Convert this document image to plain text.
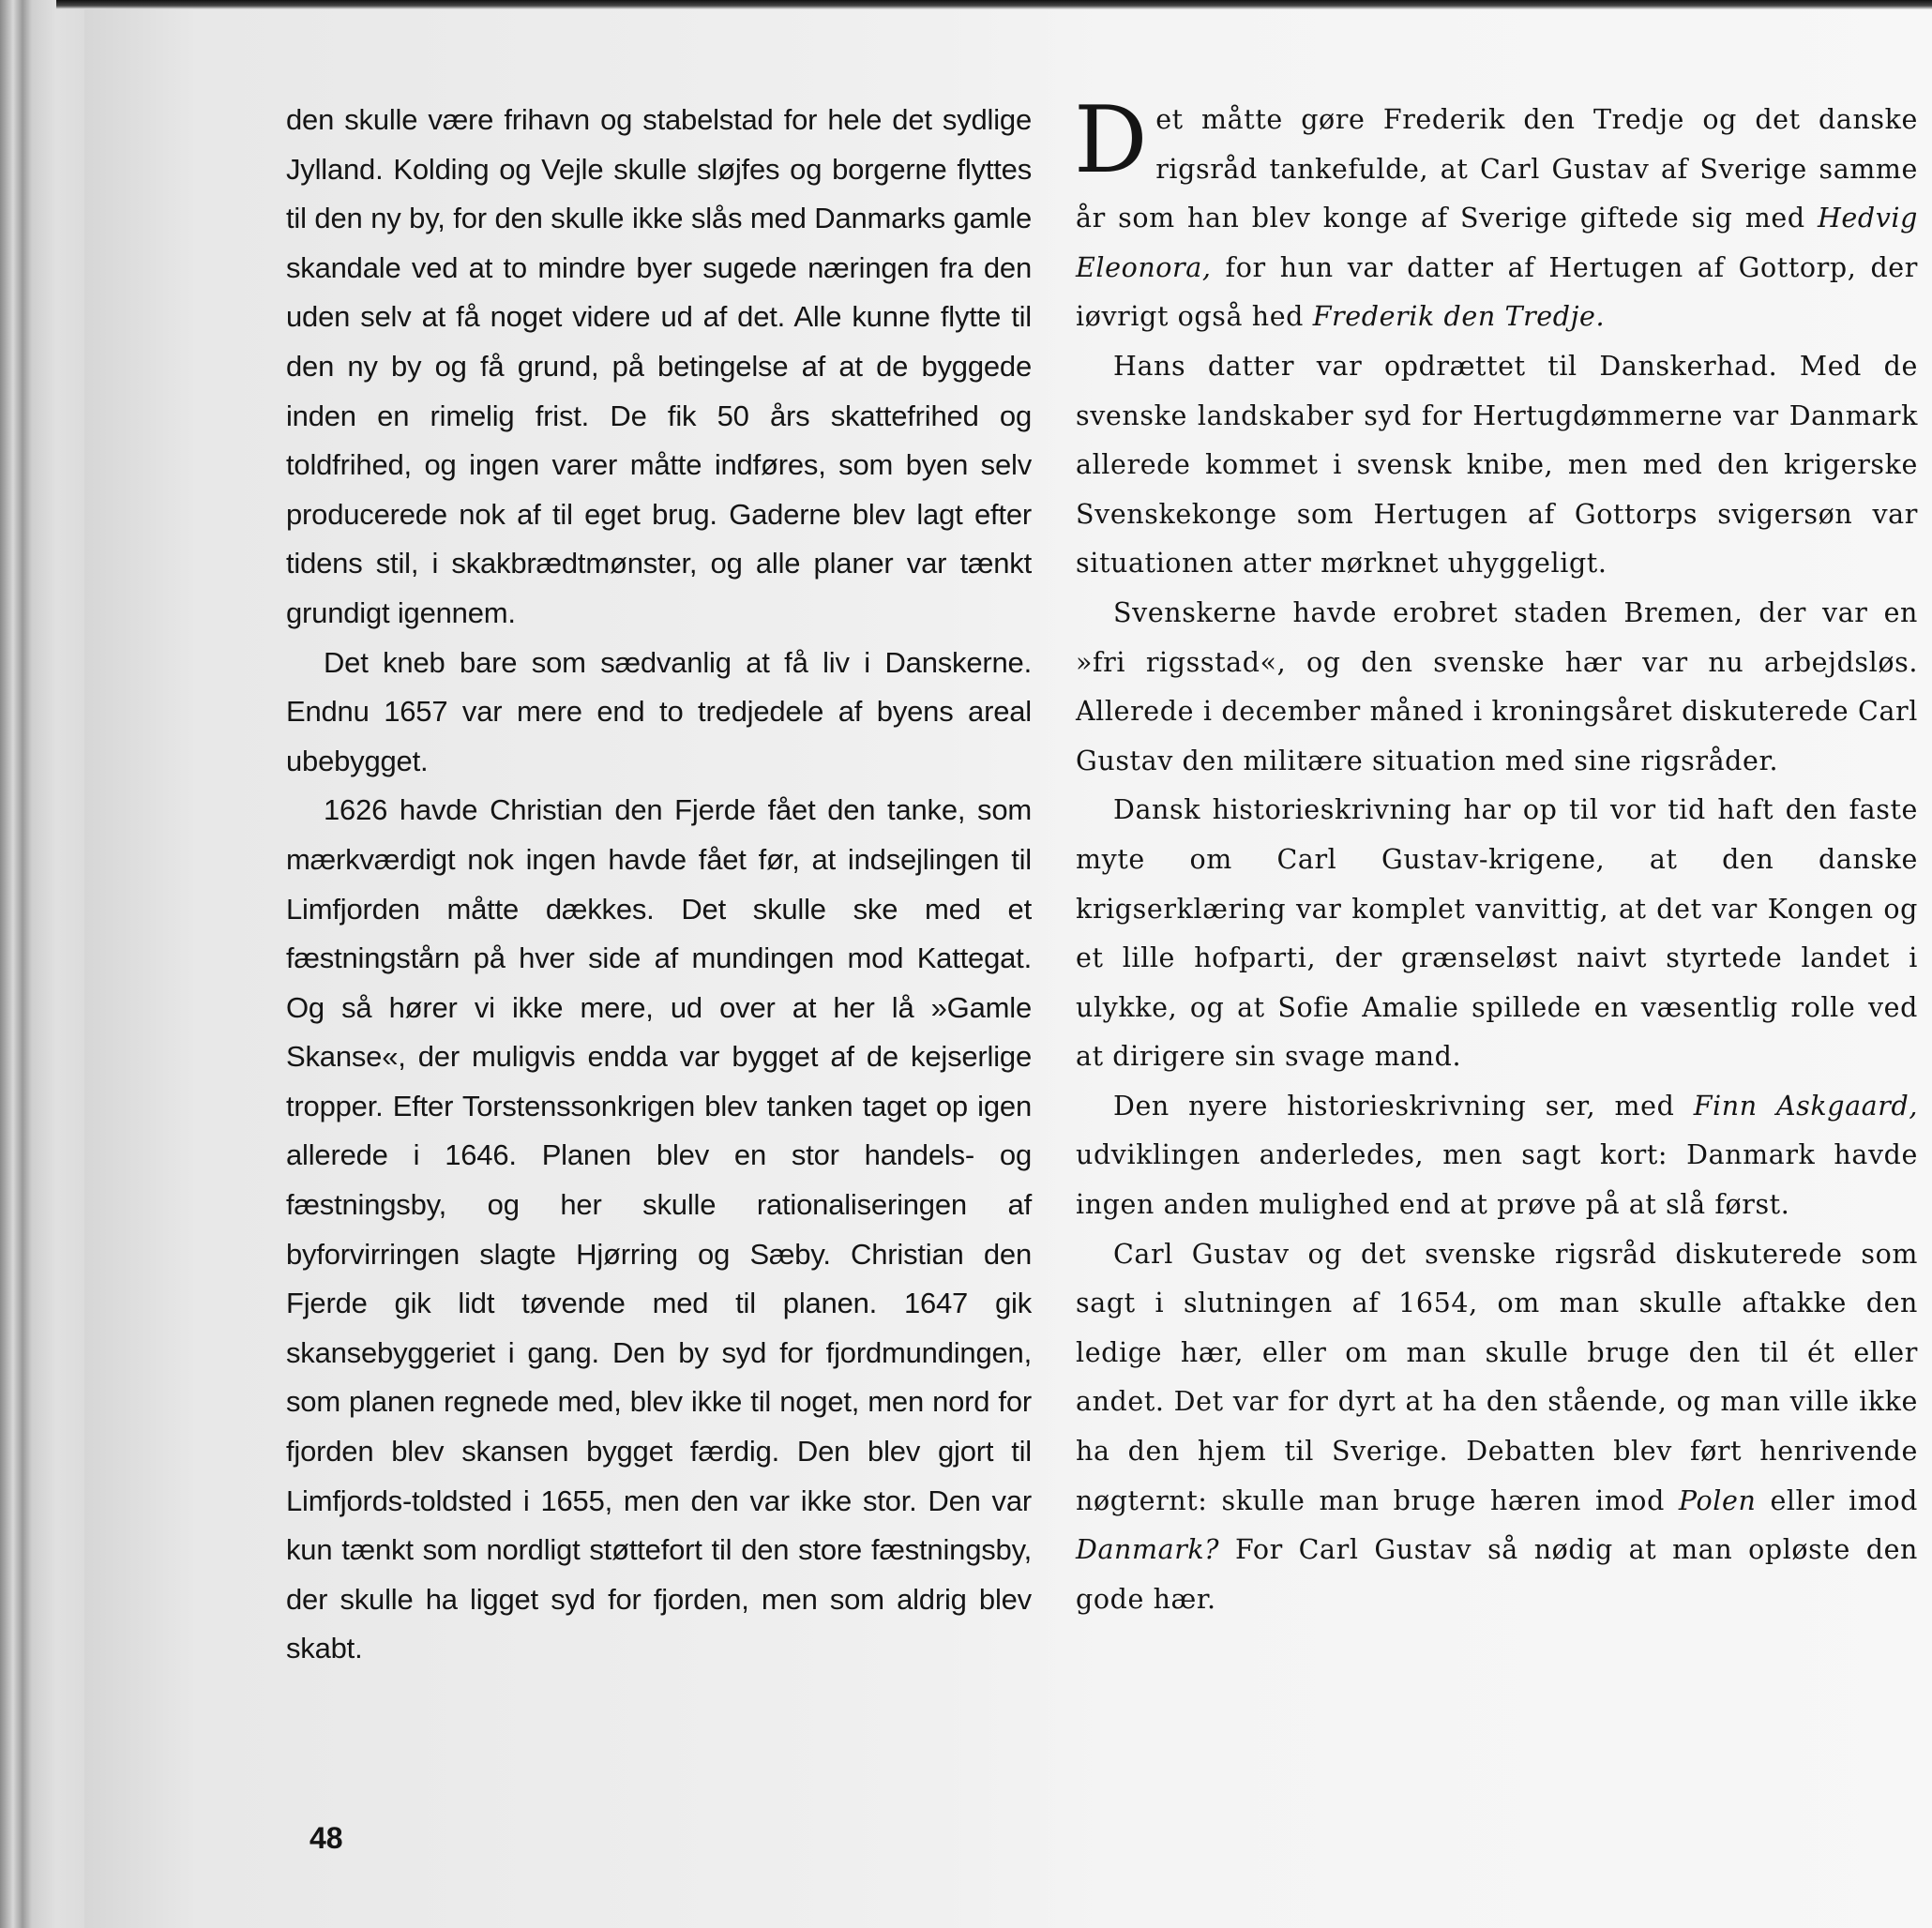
den skulle være frihavn og stabelstad for hele det sydlige Jylland. Kolding og Vejle skulle sløjfes og borgerne flyttes til den ny by, for den skulle ikke slås med Danmarks gamle skandale ved at to mindre byer sugede næringen fra den uden selv at få noget videre ud af det. Alle kunne flytte til den ny by og få grund, på betingelse af at de byggede inden en rimelig frist. De fik 50 års skattefrihed og toldfrihed, og ingen varer måtte indføres, som byen selv producerede nok af til eget brug. Gaderne blev lagt efter tidens stil, i skakbrædtmønster, og alle planer var tænkt grundigt igennem.

Det kneb bare som sædvanlig at få liv i Danskerne. Endnu 1657 var mere end to tredjedele af byens areal ubebygget.

1626 havde Christian den Fjerde fået den tanke, som mærkværdigt nok ingen havde fået før, at indsejlingen til Limfjorden måtte dækkes. Det skulle ske med et fæstningstårn på hver side af mundingen mod Kattegat. Og så hører vi ikke mere, ud over at her lå »Gamle Skanse«, der muligvis endda var bygget af de kejserlige tropper. Efter Torstenssonkrigen blev tanken taget op igen allerede i 1646. Planen blev en stor handels- og fæstningsby, og her skulle rationaliseringen af byforvirringen slagte Hjørring og Sæby. Christian den Fjerde gik lidt tøvende med til planen. 1647 gik skansebyggeriet i gang. Den by syd for fjordmundingen, som planen regnede med, blev ikke til noget, men nord for fjorden blev skansen bygget færdig. Den blev gjort til Limfjords-toldsted i 1655, men den var ikke stor. Den var kun tænkt som nordligt støttefort til den store fæstningsby, der skulle ha ligget syd for fjorden, men som aldrig blev skabt.

Det måtte gøre Frederik den Tredje og det danske rigsråd tankefulde, at Carl Gustav af Sverige samme år som han blev konge af Sverige giftede sig med Hedvig Eleonora, for hun var datter af Hertugen af Gottorp, der iøvrigt også hed Frederik den Tredje.

Hans datter var opdrættet til Danskerhad. Med de svenske landskaber syd for Hertugdømmerne var Danmark allerede kommet i svensk knibe, men med den krigerske Svenskekonge som Hertugen af Gottorps svigersøn var situationen atter mørknet uhyggeligt.

Svenskerne havde erobret staden Bremen, der var en »fri rigsstad«, og den svenske hær var nu arbejdsløs. Allerede i december måned i kroningsåret diskuterede Carl Gustav den militære situation med sine rigsråder.

Dansk historieskrivning har op til vor tid haft den faste myte om Carl Gustav-krigene, at den danske krigserklæring var komplet vanvittig, at det var Kongen og et lille hofparti, der grænseløst naivt styrtede landet i ulykke, og at Sofie Amalie spillede en væsentlig rolle ved at dirigere sin svage mand.

Den nyere historieskrivning ser, med Finn Askgaard, udviklingen anderledes, men sagt kort: Danmark havde ingen anden mulighed end at prøve på at slå først.

Carl Gustav og det svenske rigsråd diskuterede som sagt i slutningen af 1654, om man skulle aftakke den ledige hær, eller om man skulle bruge den til ét eller andet. Det var for dyrt at ha den stående, og man ville ikke ha den hjem til Sverige. Debatten blev ført henrivende nøgternt: skulle man bruge hæren imod Polen eller imod Danmark? For Carl Gustav så nødig at man opløste den gode hær.

48
